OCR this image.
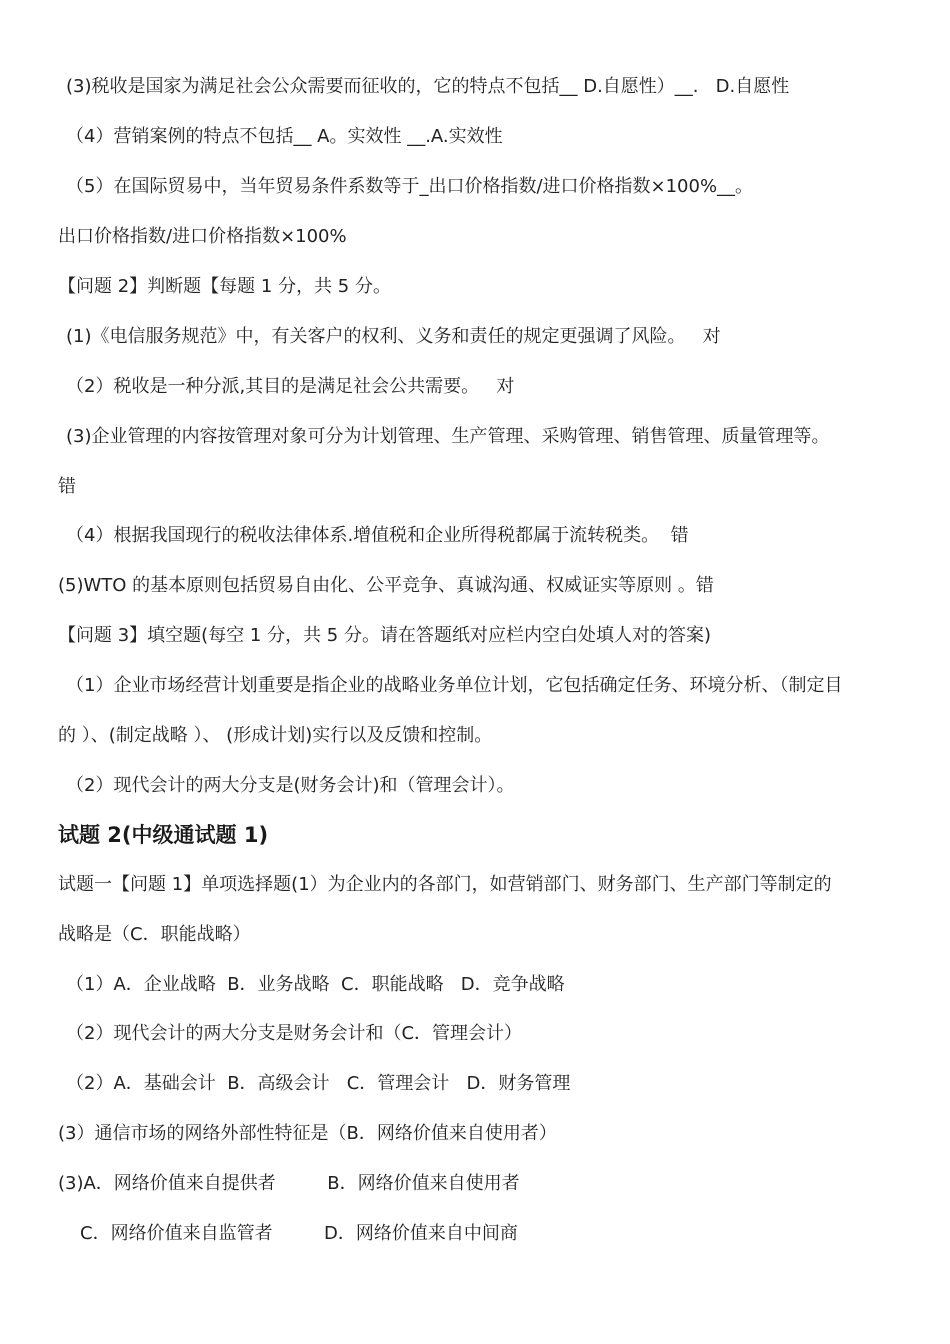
(3)税收是国家为满足社会公众需要而征收的，它的特点不包括__ D.自愿性）__.   D.自愿性
（4）营销案例的特点不包括__ A。实效性 __.A.实效性
（5）在国际贸易中，当年贸易条件系数等于_出口价格指数/进口价格指数×100%__。
出口价格指数/进口价格指数×100%
【问题 2】判断题【每题 1 分，共 5 分。
(1)《电信服务规范》中，有关客户的权利、义务和责任的规定更强调了风险。   对
（2）税收是一种分派,其目的是满足社会公共需要。   对
(3)企业管理的内容按管理对象可分为计划管理、生产管理、采购管理、销售管理、质量管理等。
错
（4）根据我国现行的税收法律体系.增值税和企业所得税都属于流转税类。  错
(5)WTO 的基本原则包括贸易自由化、公平竞争、真诚沟通、权威证实等原则 。错
【问题 3】填空题(每空 1 分，共 5 分。请在答题纸对应栏内空白处填人对的答案)
（1）企业市场经营计划重要是指企业的战略业务单位计划，它包括确定任务、环境分析、（制定目
的 ）、(制定战略 ）、 (形成计划)实行以及反馈和控制。
（2）现代会计的两大分支是(财务会计)和（管理会计）。
试题 2(中级通试题 1)
试题一【问题 1】单项选择题(1）为企业内的各部门，如营销部门、财务部门、生产部门等制定的
战略是（C．职能战略）
（1）A．企业战略  B．业务战略  C．职能战略   D．竞争战略
（2）现代会计的两大分支是财务会计和（C．管理会计）
（2）A．基础会计  B．高级会计   C．管理会计   D．财务管理
(3）通信市场的网络外部性特征是（B．网络价值来自使用者）
(3)A．网络价值来自提供者         B．网络价值来自使用者
C．网络价值来自监管者         D．网络价值来自中间商
